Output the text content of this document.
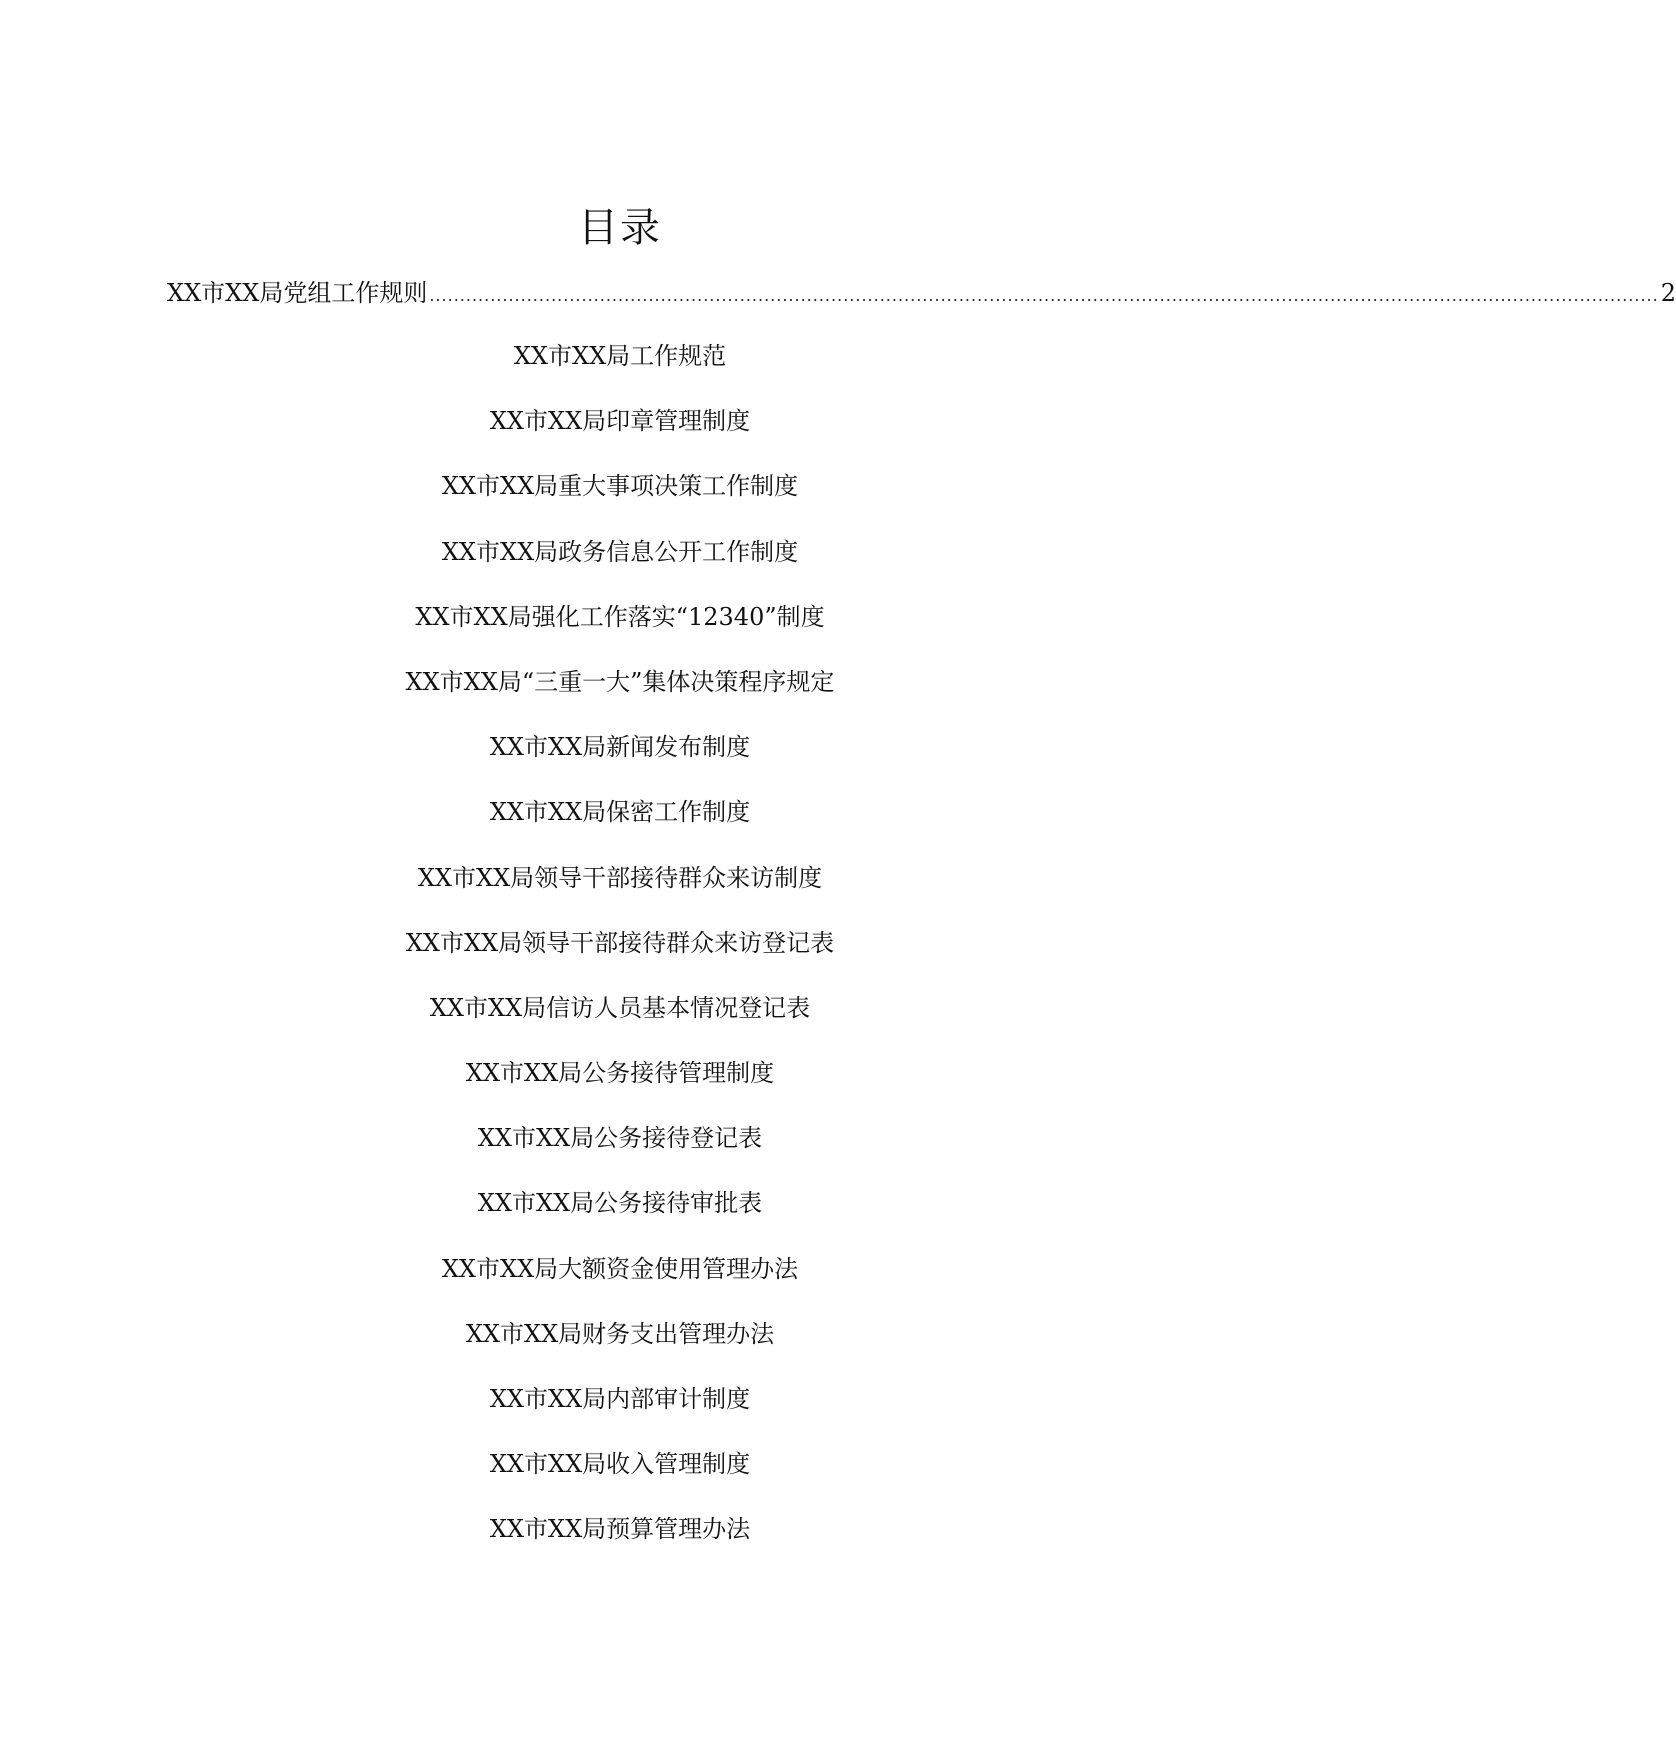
目录
XX市XX局党组工作规则 .......................................................................................................................................................................................................... 2
XX市XX局工作规范
XX市XX局印章管理制度
XX市XX局重大事项决策工作制度
XX市XX局政务信息公开工作制度
XX市XX局强化工作落实“12340”制度
XX市XX局“三重一大”集体决策程序规定
XX市XX局新闻发布制度
XX市XX局保密工作制度
XX市XX局领导干部接待群众来访制度
XX市XX局领导干部接待群众来访登记表
XX市XX局信访人员基本情况登记表
XX市XX局公务接待管理制度
XX市XX局公务接待登记表
XX市XX局公务接待审批表
XX市XX局大额资金使用管理办法
XX市XX局财务支出管理办法
XX市XX局内部审计制度
XX市XX局收入管理制度
XX市XX局预算管理办法
